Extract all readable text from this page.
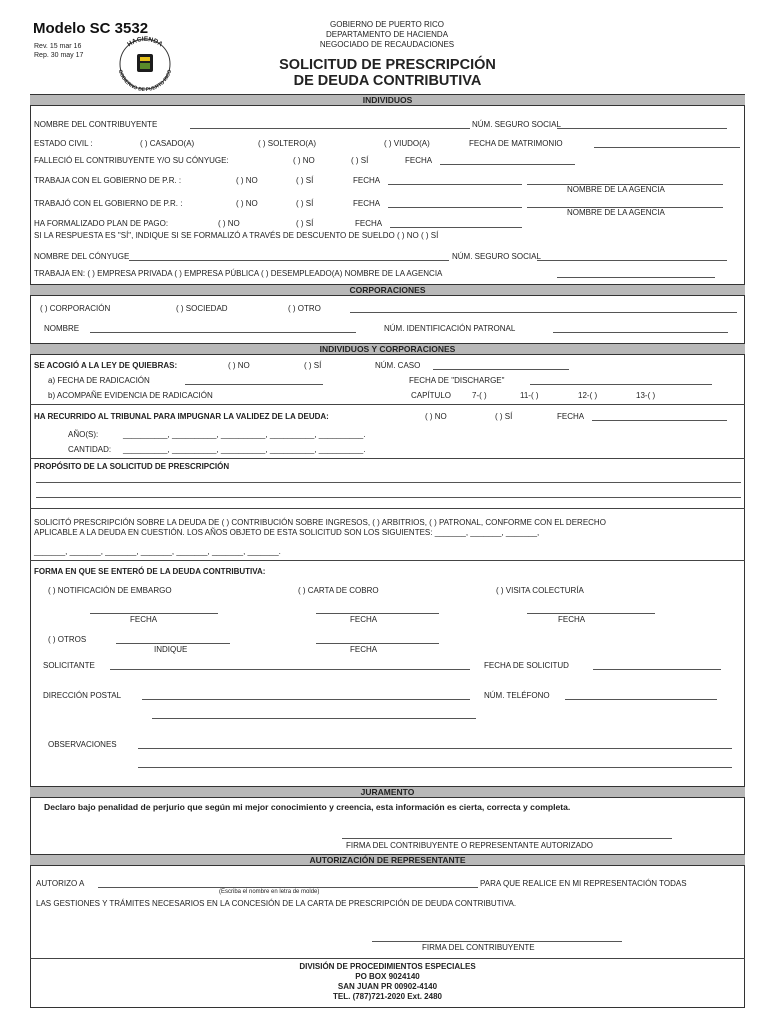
Modelo SC 3532
Rev. 15 mar 16
Rep. 30 may 17
HACIENDA
GOBIERNO DE PUERTO RICO
GOBIERNO DE PUERTO RICO
DEPARTAMENTO DE HACIENDA
NEGOCIADO DE RECAUDACIONES
SOLICITUD DE PRESCRIPCIÓN
DE DEUDA CONTRIBUTIVA
INDIVIDUOS
NOMBRE DEL CONTRIBUYENTE	NÚM. SEGURO SOCIAL
ESTADO CIVIL :	( ) CASADO(A)	( ) SOLTERO(A)	( ) VIUDO(A)	FECHA DE MATRIMONIO
FALLECIÓ EL CONTRIBUYENTE Y/O SU CÓNYUGE:	( ) NO	( ) SÍ	FECHA
TRABAJA CON EL GOBIERNO DE P.R. :	( ) NO	( ) SÍ	FECHA
NOMBRE DE LA AGENCIA
TRABAJÓ CON EL GOBIERNO DE P.R. :	( ) NO	( ) SÍ	FECHA
NOMBRE DE LA AGENCIA
HA FORMALIZADO PLAN DE PAGO:	( ) NO	( ) SÍ	FECHA
SI LA RESPUESTA ES "SÍ", INDIQUE SI SE FORMALIZÓ A TRAVÉS DE DESCUENTO DE SUELDO ( ) NO ( ) SÍ
NOMBRE DEL CÓNYUGE	NÚM. SEGURO SOCIAL
TRABAJA EN: ( ) EMPRESA PRIVADA ( ) EMPRESA PÚBLICA ( ) DESEMPLEADO(A) NOMBRE DE LA AGENCIA
CORPORACIONES
( ) CORPORACIÓN	( ) SOCIEDAD	( ) OTRO
NOMBRE	NÚM. IDENTIFICACIÓN PATRONAL
INDIVIDUOS Y CORPORACIONES
SE ACOGIÓ A LA LEY DE QUIEBRAS:	( ) NO	( ) SÍ	NÚM. CASO
a) FECHA DE RADICACIÓN	FECHA DE "DISCHARGE"
b) ACOMPAÑE EVIDENCIA DE RADICACIÓN	CAPÍTULO	7-( )	11-( )	12-( )	13-( )
HA RECURRIDO AL TRIBUNAL PARA IMPUGNAR LA VALIDEZ DE LA DEUDA:	( ) NO	( ) SÍ	FECHA
AÑO(S):	__________, __________, __________, __________, __________.
CANTIDAD: __________, __________, __________, __________, __________.
PROPÓSITO DE LA SOLICITUD DE PRESCRIPCIÓN
SOLICITÓ PRESCRIPCIÓN SOBRE LA DEUDA DE ( ) CONTRIBUCIÓN SOBRE INGRESOS, ( ) ARBITRIOS, ( ) PATRONAL, CONFORME CON EL DERECHO
APLICABLE A LA DEUDA EN CUESTIÓN. LOS AÑOS OBJETO DE ESTA SOLICITUD SON LOS SIGUIENTES: _______, _______, _______,
_______, _______, _______, _______, _______, _______, _______.
FORMA EN QUE SE ENTERÓ DE LA DEUDA CONTRIBUTIVA:
( ) NOTIFICACIÓN DE EMBARGO	( ) CARTA DE COBRO	( ) VISITA COLECTURÍA
FECHA	FECHA	FECHA
( ) OTROS
INDIQUE	FECHA
SOLICITANTE	FECHA DE SOLICITUD
DIRECCIÓN POSTAL	NÚM. TELÉFONO
OBSERVACIONES
JURAMENTO
Declaro bajo penalidad de perjurio que según mi mejor conocimiento y creencia, esta información es cierta, correcta y completa.
FIRMA DEL CONTRIBUYENTE O REPRESENTANTE AUTORIZADO
AUTORIZACIÓN DE REPRESENTANTE
AUTORIZO A	PARA QUE REALICE EN MI REPRESENTACIÓN TODAS
(Escriba el nombre en letra de molde)
LAS GESTIONES Y TRÁMITES NECESARIOS EN LA CONCESIÓN DE LA CARTA DE PRESCRIPCIÓN DE DEUDA CONTRIBUTIVA.
FIRMA DEL CONTRIBUYENTE
DIVISIÓN DE PROCEDIMIENTOS ESPECIALES
PO BOX 9024140
SAN JUAN PR 00902-4140
TEL. (787)721-2020 Ext. 2480
